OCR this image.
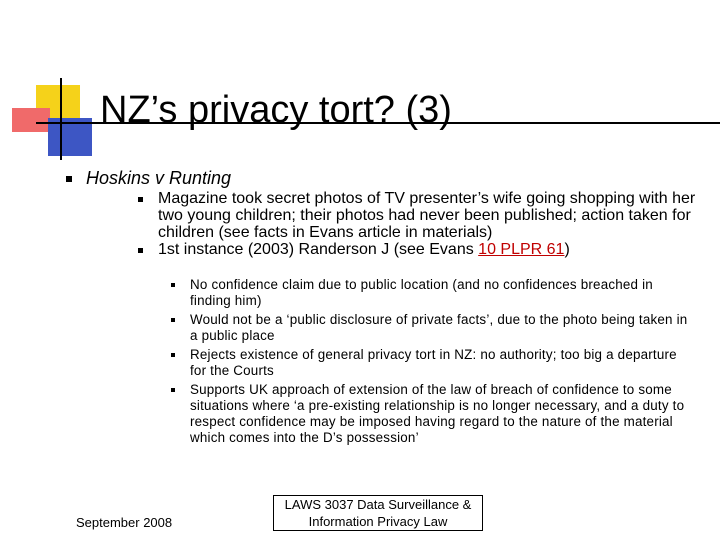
NZ’s privacy tort? (3)
Hoskins v Runting

Magazine took secret photos of TV presenter’s wife going shopping with her two young children; their photos had never been published; action taken for children (see facts in Evans article in materials)

1st instance (2003) Randerson J (see Evans 10 PLPR 61)

No confidence claim due to public location (and no confidences breached in finding him)

Would not be a ‘public disclosure of private facts’, due to the photo being taken in a public place

Rejects existence of general privacy tort in NZ: no authority; too big a departure for the Courts

Supports UK approach of extension of the law of breach of confidence to some situations where ‘a pre-existing relationship is no longer necessary, and a duty to respect confidence may be imposed having regard to the nature of the material which comes into the D’s possession’

September 2008
LAWS 3037 Data Surveillance & Information Privacy Law
